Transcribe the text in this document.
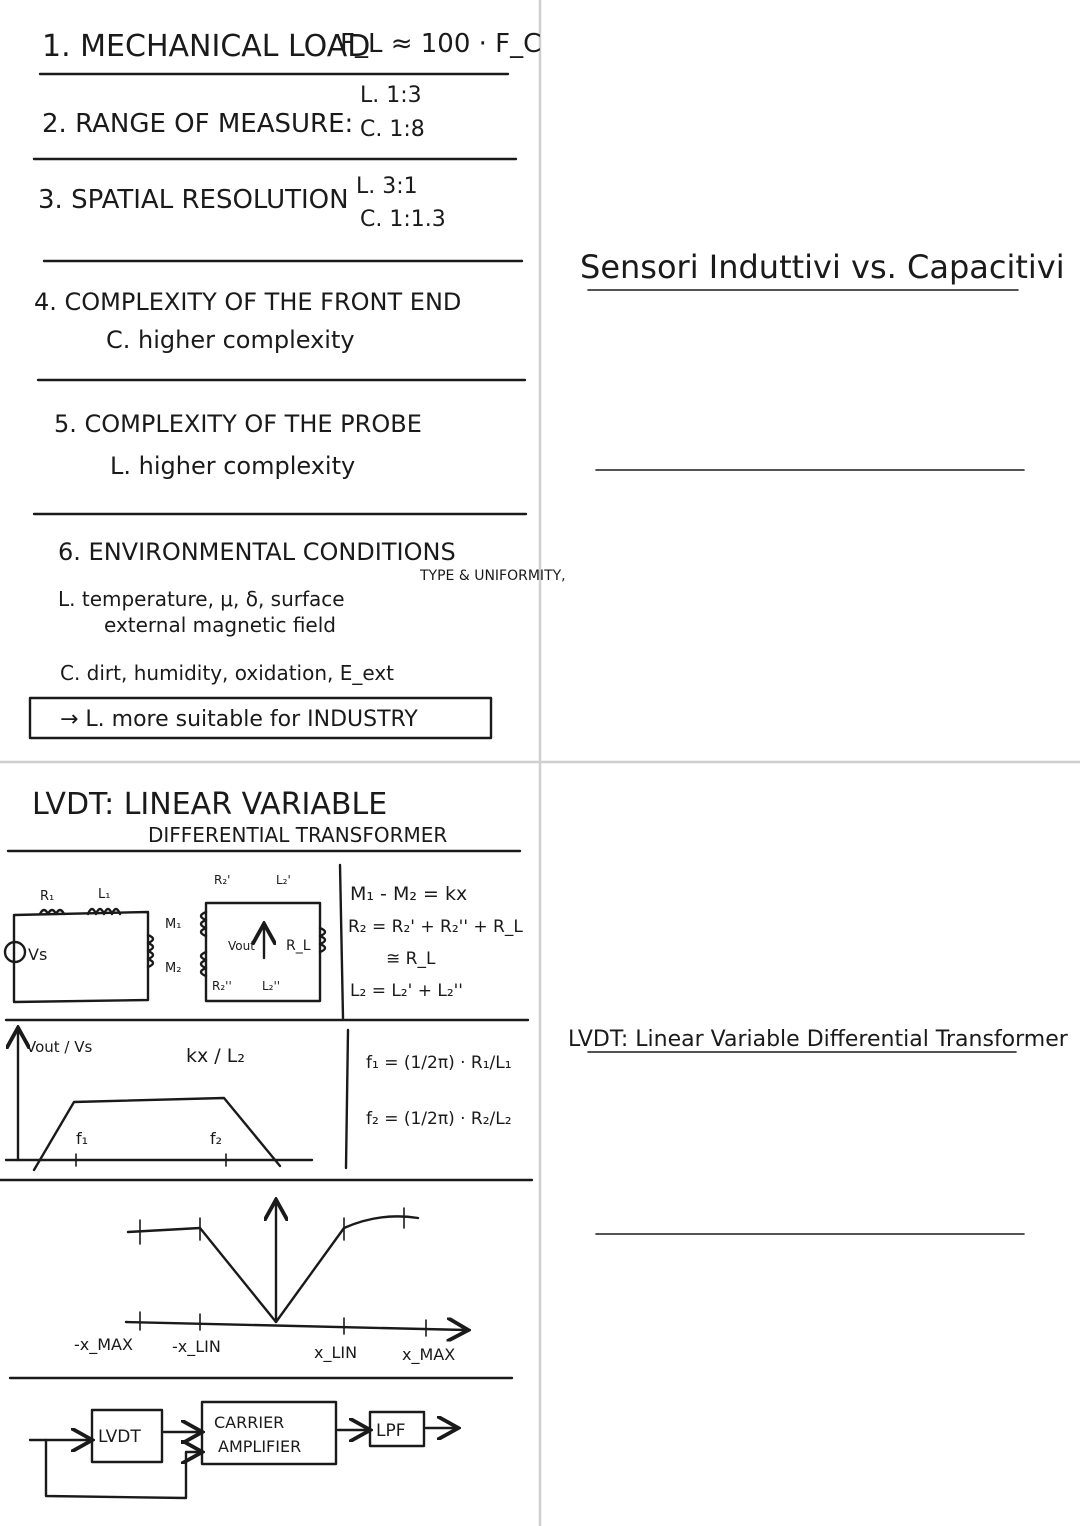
1. MECHANICAL LOAD
F_L ≈ 100 · F_C
2. RANGE OF MEASURE:
L. 1:3
C. 1:8
3. SPATIAL RESOLUTION L. 3:1
C. 1:1.3
4. COMPLEXITY OF THE FRONT END
C. higher complexity
5. COMPLEXITY OF THE PROBE
L. higher complexity
6. ENVIRONMENTAL CONDITIONS
TYPE & UNIFORMITY,
L. temperature, μ, δ, surface
external magnetic field
C. dirt, humidity, oxidation, E_ext
→ L. more suitable for INDUSTRY
Sensori Induttivi vs. Capacitivi
LVDT: LINEAR VARIABLE
DIFFERENTIAL TRANSFORMER
Vs
R₁	L₁
M₁
M₂
R₂'	L₂'
R₂''	L₂''
Vout R_L
M₁ - M₂ = kx
R₂ = R₂' + R₂'' + R_L
≅ R_L
L₂ = L₂' + L₂''
Vout / Vs	kx / L₂
f₁	f₂
f₁ = (1/2π) · R₁/L₁
f₂ = (1/2π) · R₂/L₂
-x_MAX -x_LIN	x_LIN	x_MAX
LVDT
CARRIER
AMPLIFIER
LPF
LVDT: Linear Variable Differential Transformer
